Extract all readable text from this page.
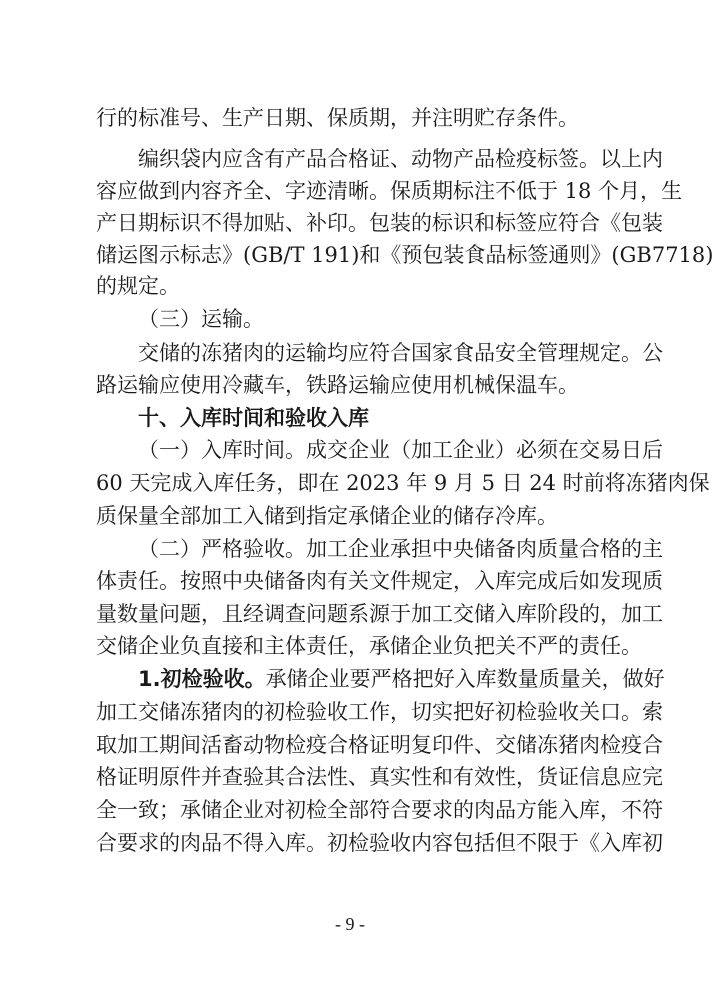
行的标准号、生产日期、保质期，并注明贮存条件。
编织袋内应含有产品合格证、动物产品检疫标签。以上内
容应做到内容齐全、字迹清晰。保质期标注不低于 18 个月，生
产日期标识不得加贴、补印。包装的标识和标签应符合《包装
储运图示标志》(GB/T 191)和《预包装食品标签通则》(GB7718)
的规定。
（三）运输。
交储的冻猪肉的运输均应符合国家食品安全管理规定。公
路运输应使用冷藏车，铁路运输应使用机械保温车。
十、入库时间和验收入库
（一）入库时间。成交企业（加工企业）必须在交易日后
60 天完成入库任务，即在 2023 年 9 月 5 日 24 时前将冻猪肉保
质保量全部加工入储到指定承储企业的储存冷库。
（二）严格验收。加工企业承担中央储备肉质量合格的主
体责任。按照中央储备肉有关文件规定，入库完成后如发现质
量数量问题，且经调查问题系源于加工交储入库阶段的，加工
交储企业负直接和主体责任，承储企业负把关不严的责任。
1.初检验收。承储企业要严格把好入库数量质量关，做好
加工交储冻猪肉的初检验收工作，切实把好初检验收关口。索
取加工期间活畜动物检疫合格证明复印件、交储冻猪肉检疫合
格证明原件并查验其合法性、真实性和有效性，货证信息应完
全一致；承储企业对初检全部符合要求的肉品方能入库，不符
合要求的肉品不得入库。初检验收内容包括但不限于《入库初
- 9 -
